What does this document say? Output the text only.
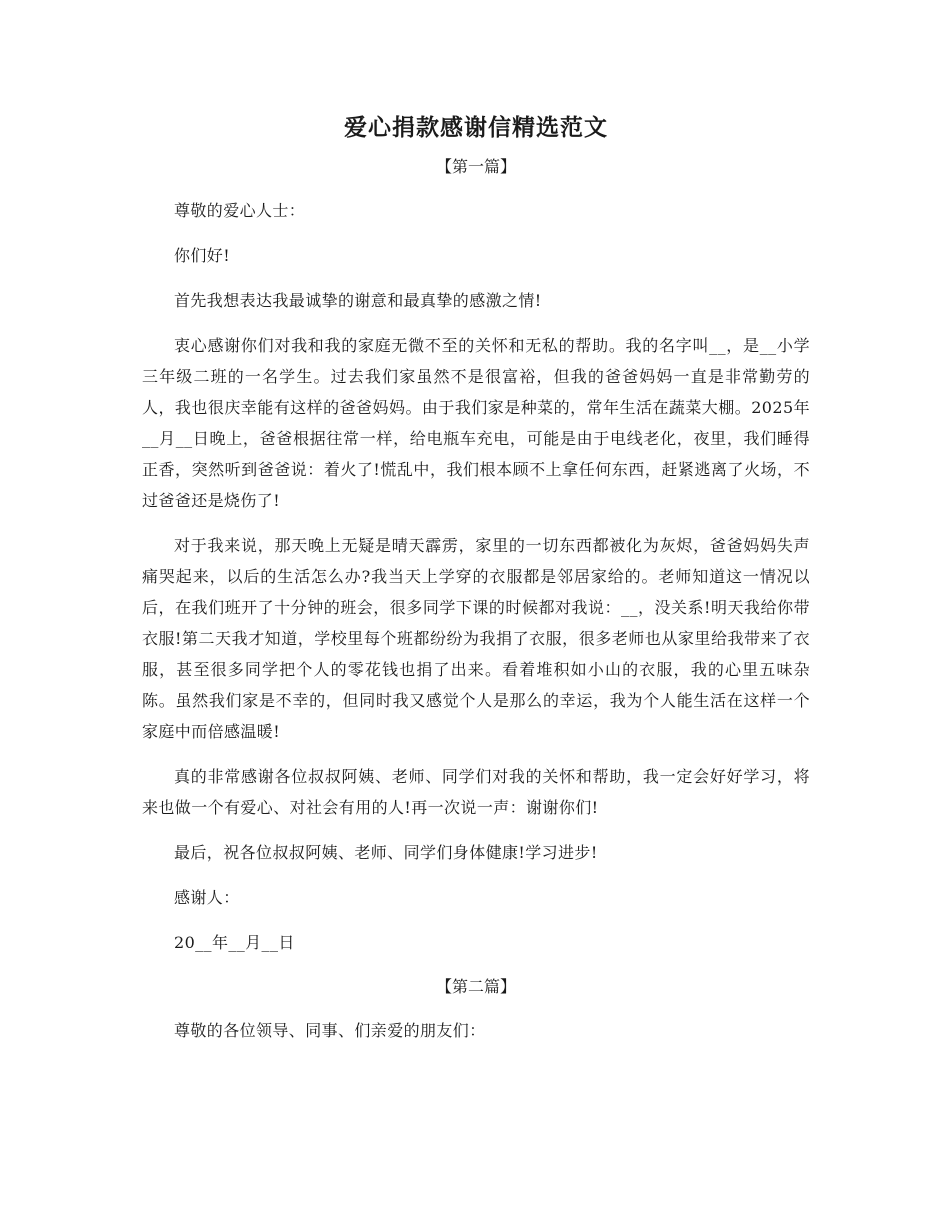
爱心捐款感谢信精选范文
【第一篇】

尊敬的爱心人士：

你们好!

首先我想表达我最诚挚的谢意和最真挚的感激之情!

衷心感谢你们对我和我的家庭无微不至的关怀和无私的帮助。我的名字叫__，是__小学三年级二班的一名学生。过去我们家虽然不是很富裕，但我的爸爸妈妈一直是非常勤劳的人，我也很庆幸能有这样的爸爸妈妈。由于我们家是种菜的，常年生活在蔬菜大棚。2025年__月__日晚上，爸爸根据往常一样，给电瓶车充电，可能是由于电线老化，夜里，我们睡得正香，突然听到爸爸说：着火了!慌乱中，我们根本顾不上拿任何东西，赶紧逃离了火场，不过爸爸还是烧伤了!

对于我来说，那天晚上无疑是晴天霹雳，家里的一切东西都被化为灰烬，爸爸妈妈失声痛哭起来，以后的生活怎么办?我当天上学穿的衣服都是邻居家给的。老师知道这一情况以后，在我们班开了十分钟的班会，很多同学下课的时候都对我说：__，没关系!明天我给你带衣服!第二天我才知道，学校里每个班都纷纷为我捐了衣服，很多老师也从家里给我带来了衣服，甚至很多同学把个人的零花钱也捐了出来。看着堆积如小山的衣服，我的心里五味杂陈。虽然我们家是不幸的，但同时我又感觉个人是那么的幸运，我为个人能生活在这样一个家庭中而倍感温暖!

真的非常感谢各位叔叔阿姨、老师、同学们对我的关怀和帮助，我一定会好好学习，将来也做一个有爱心、对社会有用的人!再一次说一声：谢谢你们!

最后，祝各位叔叔阿姨、老师、同学们身体健康!学习进步!

感谢人：

20__年__月__日

【第二篇】

尊敬的各位领导、同事、们亲爱的朋友们：
